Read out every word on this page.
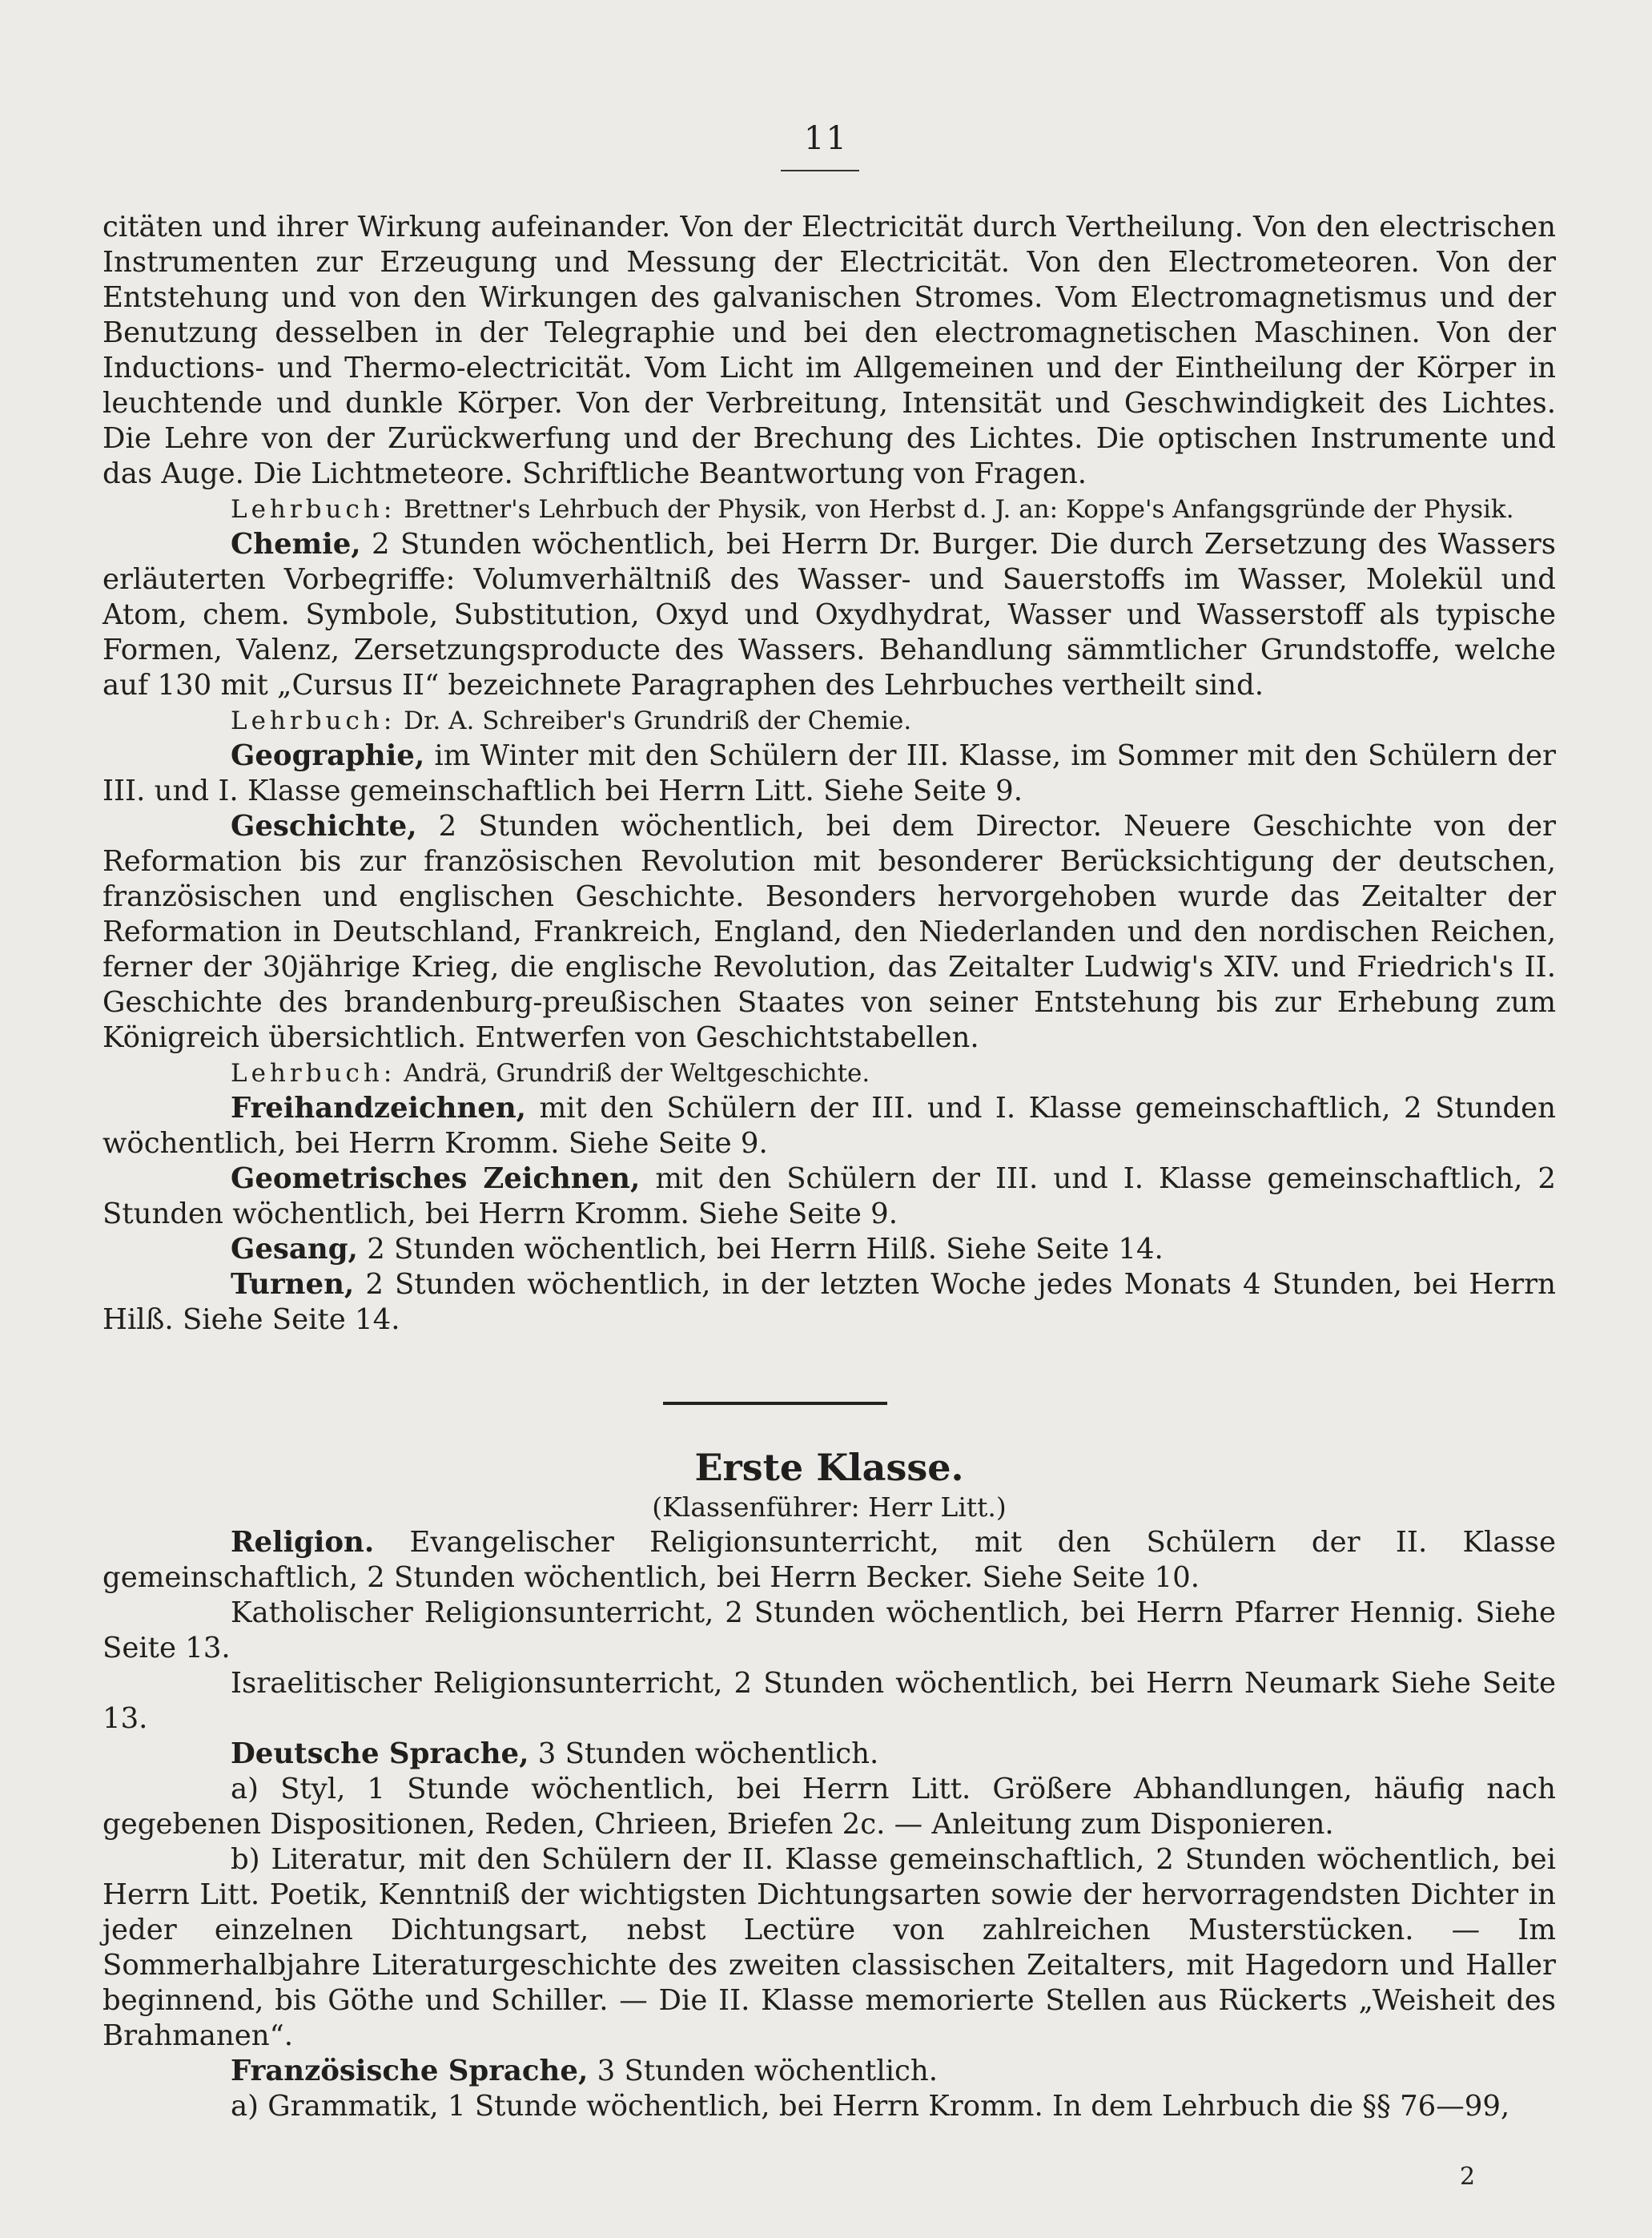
11

citäten und ihrer Wirkung aufeinander. Von der Electricität durch Vertheilung. Von den electrischen Instrumenten zur Erzeugung und Messung der Electricität. Von den Electrometeoren. Von der Entstehung und von den Wirkungen des galvanischen Stromes. Vom Electromagnetismus und der Benutzung desselben in der Telegraphie und bei den electromagnetischen Maschinen. Von der Inductions- und Thermo-electricität. Vom Licht im Allgemeinen und der Eintheilung der Körper in leuchtende und dunkle Körper. Von der Verbreitung, Intensität und Geschwindigkeit des Lichtes. Die Lehre von der Zurückwerfung und der Brechung des Lichtes. Die optischen Instrumente und das Auge. Die Lichtmeteore. Schriftliche Beantwortung von Fragen.

Lehrbuch: Brettner's Lehrbuch der Physik, von Herbst d. J. an: Koppe's Anfangsgründe der Physik.

Chemie, 2 Stunden wöchentlich, bei Herrn Dr. Burger. Die durch Zersetzung des Wassers erläuterten Vorbegriffe: Volumverhältniß des Wasser- und Sauerstoffs im Wasser, Molekül und Atom, chem. Symbole, Substitution, Oxyd und Oxydhydrat, Wasser und Wasserstoff als typische Formen, Valenz, Zersetzungsproducte des Wassers. Behandlung sämmtlicher Grundstoffe, welche auf 130 mit „Cursus II“ bezeichnete Paragraphen des Lehrbuches vertheilt sind.

Lehrbuch: Dr. A. Schreiber's Grundriß der Chemie.

Geographie, im Winter mit den Schülern der III. Klasse, im Sommer mit den Schülern der III. und I. Klasse gemeinschaftlich bei Herrn Litt. Siehe Seite 9.

Geschichte, 2 Stunden wöchentlich, bei dem Director. Neuere Geschichte von der Reformation bis zur französischen Revolution mit besonderer Berücksichtigung der deutschen, französischen und englischen Geschichte. Besonders hervorgehoben wurde das Zeitalter der Reformation in Deutschland, Frankreich, England, den Niederlanden und den nordischen Reichen, ferner der 30jährige Krieg, die englische Revolution, das Zeitalter Ludwig's XIV. und Friedrich's II. Geschichte des brandenburg-preußischen Staates von seiner Entstehung bis zur Erhebung zum Königreich übersichtlich. Entwerfen von Geschichtstabellen.

Lehrbuch: Andrä, Grundriß der Weltgeschichte.

Freihandzeichnen, mit den Schülern der III. und I. Klasse gemeinschaftlich, 2 Stunden wöchentlich, bei Herrn Kromm. Siehe Seite 9.

Geometrisches Zeichnen, mit den Schülern der III. und I. Klasse gemeinschaftlich, 2 Stunden wöchentlich, bei Herrn Kromm. Siehe Seite 9.

Gesang, 2 Stunden wöchentlich, bei Herrn Hilß. Siehe Seite 14.

Turnen, 2 Stunden wöchentlich, in der letzten Woche jedes Monats 4 Stunden, bei Herrn Hilß. Siehe Seite 14.

Erste Klasse.

(Klassenführer: Herr Litt.)

Religion. Evangelischer Religionsunterricht, mit den Schülern der II. Klasse gemeinschaftlich, 2 Stunden wöchentlich, bei Herrn Becker. Siehe Seite 10.

Katholischer Religionsunterricht, 2 Stunden wöchentlich, bei Herrn Pfarrer Hennig. Siehe Seite 13.

Israelitischer Religionsunterricht, 2 Stunden wöchentlich, bei Herrn Neumark Siehe Seite 13.

Deutsche Sprache, 3 Stunden wöchentlich.

a) Styl, 1 Stunde wöchentlich, bei Herrn Litt. Größere Abhandlungen, häufig nach gegebenen Dispositionen, Reden, Chrieen, Briefen 2c. — Anleitung zum Disponieren.

b) Literatur, mit den Schülern der II. Klasse gemeinschaftlich, 2 Stunden wöchentlich, bei Herrn Litt. Poetik, Kenntniß der wichtigsten Dichtungsarten sowie der hervorragendsten Dichter in jeder einzelnen Dichtungsart, nebst Lectüre von zahlreichen Musterstücken. — Im Sommerhalbjahre Literaturgeschichte des zweiten classischen Zeitalters, mit Hagedorn und Haller beginnend, bis Göthe und Schiller. — Die II. Klasse memorierte Stellen aus Rückerts „Weisheit des Brahmanen“.

Französische Sprache, 3 Stunden wöchentlich.

a) Grammatik, 1 Stunde wöchentlich, bei Herrn Kromm. In dem Lehrbuch die §§ 76—99,

2
